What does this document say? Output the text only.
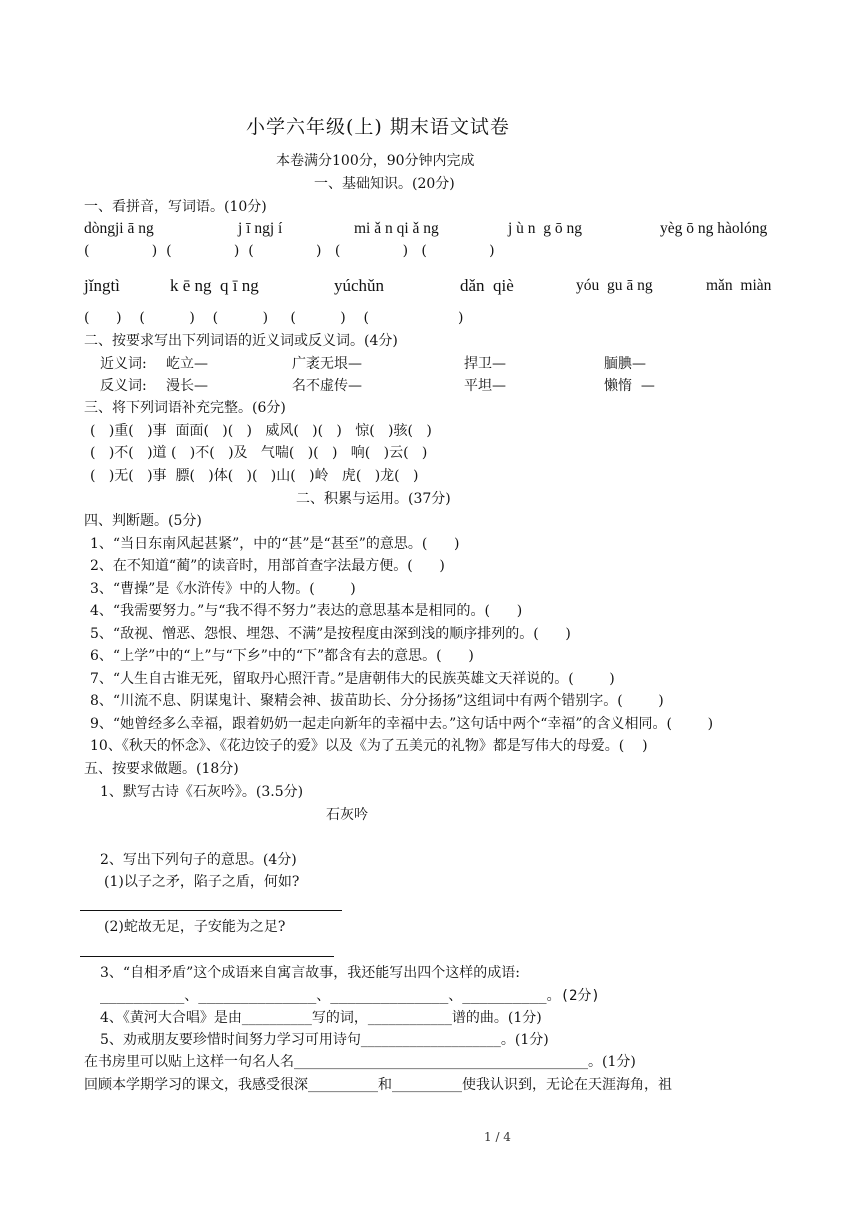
小学六年级(上) 期末语文试卷
本卷满分100分，90分钟内完成
一、基础知识。(20分)
一、看拼音，写词语。(10分)
dòngji ā ng	j ī ngj í	mi ǎ n qi ǎ ng	j ù n  g ō ng	yèg ō ng hàolóng
(              )  (              )  (              )   (              )   (              )
jǐngtì	k ē ng  q ī ng	yúchǔn	dǎn  qiè	yóu  gu ā ng	mǎn  miàn
(      )    (          )    (          )     (          )    (                    )
二、按要求写出下列词语的近义词或反义词。(4分)
近义词: 屹立—	广袤无垠—	捍卫—	腼腆—
反义词: 漫长—	名不虚传—	平坦—	懒惰  —
三、将下列词语补充完整。(6分)
(   )重(   )事  面面(   )(   )   威风(   )(   )   惊(   )骇(   )
(   )不(   )道 (   )不(   )及   气喘(   )(   )   响(   )云(   )
(   )无(   )事  膘(   )体(   )(   )山(   )岭   虎(   )龙(   )
二、积累与运用。(37分)
四、判断题。(5分)
1、“当日东南风起甚紧”，中的“甚”是“甚至”的意思。(      )
2、在不知道“蔺”的读音时，用部首查字法最方便。(      )
3、“曹操”是《水浒传》中的人物。(        )
4、“我需要努力。”与“我不得不努力”表达的意思基本是相同的。(      )
5、“敌视、憎恶、怨恨、埋怨、不满”是按程度由深到浅的顺序排列的。(      )
6、“上学”中的“上”与“下乡”中的“下”都含有去的意思。(      )
7、“人生自古谁无死，留取丹心照汗青。”是唐朝伟大的民族英雄文天祥说的。(        )
8、“川流不息、阴谋鬼计、聚精会神、拔苗助长、分分扬扬”这组词中有两个错别字。(        )
9、“她曾经多么幸福，跟着奶奶一起走向新年的幸福中去。”这句话中两个“幸福”的含义相同。(        )
10、《秋天的怀念》、《花边饺子的爱》以及《为了五美元的礼物》都是写伟大的母爱。(    )
五、按要求做题。(18分)
1、默写古诗《石灰吟》。(3.5分)
石灰吟
2、写出下列句子的意思。(4分)
(1)以子之矛，陷子之盾，何如?
(2)蛇故无足，子安能为之足?
3、“自相矛盾”这个成语来自寓言故事，我还能写出四个这样的成语:
__________、______________、______________、__________。(2分)
4、《黄河大合唱》是由__________写的词，____________谱的曲。(1分)
5、劝戒朋友要珍惜时间努力学习可用诗句____________________。(1分)
在书房里可以贴上这样一句名人名__________________________________________。(1分)
回顾本学期学习的课文，我感受很深__________和__________使我认识到，无论在天涯海角，祖
1 / 4
